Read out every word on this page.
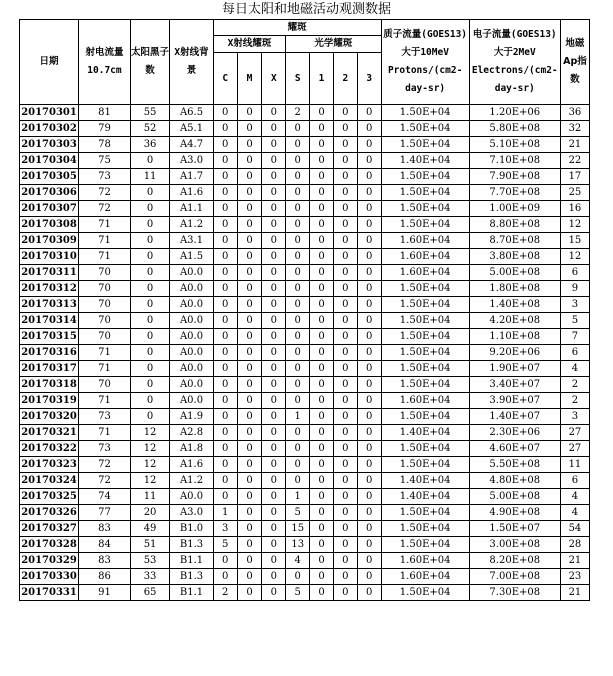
每日太阳和地磁活动观测数据
日期	射电流量10.7cm	太阳黑子数	X射线背景	耀斑							质子流量(GOES13)大于10MeV Protons/(cm2-day-sr)	电子流量(GOES13)大于2MeV Electrons/(cm2-day-sr)	地磁Ap指数
				X射线耀斑			光学耀斑						
				C	M	X	S	1	2	3			
20170301	81	55	A6.5	0	0	0	2	0	0	0	1.50E+04	1.20E+06	36
20170302	79	52	A5.1	0	0	0	0	0	0	0	1.50E+04	5.80E+08	32
20170303	78	36	A4.7	0	0	0	0	0	0	0	1.50E+04	5.10E+08	21
20170304	75	0	A3.0	0	0	0	0	0	0	0	1.40E+04	7.10E+08	22
20170305	73	11	A1.7	0	0	0	0	0	0	0	1.50E+04	7.90E+08	17
20170306	72	0	A1.6	0	0	0	0	0	0	0	1.50E+04	7.70E+08	25
20170307	72	0	A1.1	0	0	0	0	0	0	0	1.50E+04	1.00E+09	16
20170308	71	0	A1.2	0	0	0	0	0	0	0	1.50E+04	8.80E+08	12
20170309	71	0	A3.1	0	0	0	0	0	0	0	1.60E+04	8.70E+08	15
20170310	71	0	A1.5	0	0	0	0	0	0	0	1.60E+04	3.80E+08	12
20170311	70	0	A0.0	0	0	0	0	0	0	0	1.60E+04	5.00E+08	6
20170312	70	0	A0.0	0	0	0	0	0	0	0	1.50E+04	1.80E+08	9
20170313	70	0	A0.0	0	0	0	0	0	0	0	1.50E+04	1.40E+08	3
20170314	70	0	A0.0	0	0	0	0	0	0	0	1.50E+04	4.20E+08	5
20170315	70	0	A0.0	0	0	0	0	0	0	0	1.50E+04	1.10E+08	7
20170316	71	0	A0.0	0	0	0	0	0	0	0	1.50E+04	9.20E+06	6
20170317	71	0	A0.0	0	0	0	0	0	0	0	1.50E+04	1.90E+07	4
20170318	70	0	A0.0	0	0	0	0	0	0	0	1.50E+04	3.40E+07	2
20170319	71	0	A0.0	0	0	0	0	0	0	0	1.60E+04	3.90E+07	2
20170320	73	0	A1.9	0	0	0	1	0	0	0	1.50E+04	1.40E+07	3
20170321	71	12	A2.8	0	0	0	0	0	0	0	1.40E+04	2.30E+06	27
20170322	73	12	A1.8	0	0	0	0	0	0	0	1.50E+04	4.60E+07	27
20170323	72	12	A1.6	0	0	0	0	0	0	0	1.50E+04	5.50E+08	11
20170324	72	12	A1.2	0	0	0	0	0	0	0	1.40E+04	4.80E+08	6
20170325	74	11	A0.0	0	0	0	1	0	0	0	1.40E+04	5.00E+08	4
20170326	77	20	A3.0	1	0	0	5	0	0	0	1.50E+04	4.90E+08	4
20170327	83	49	B1.0	3	0	0	15	0	0	0	1.50E+04	1.50E+07	54
20170328	84	51	B1.3	5	0	0	13	0	0	0	1.50E+04	3.00E+08	28
20170329	83	53	B1.1	0	0	0	4	0	0	0	1.60E+04	8.20E+08	21
20170330	86	33	B1.3	0	0	0	0	0	0	0	1.60E+04	7.00E+08	23
20170331	91	65	B1.1	2	0	0	5	0	0	0	1.50E+04	7.30E+08	21
